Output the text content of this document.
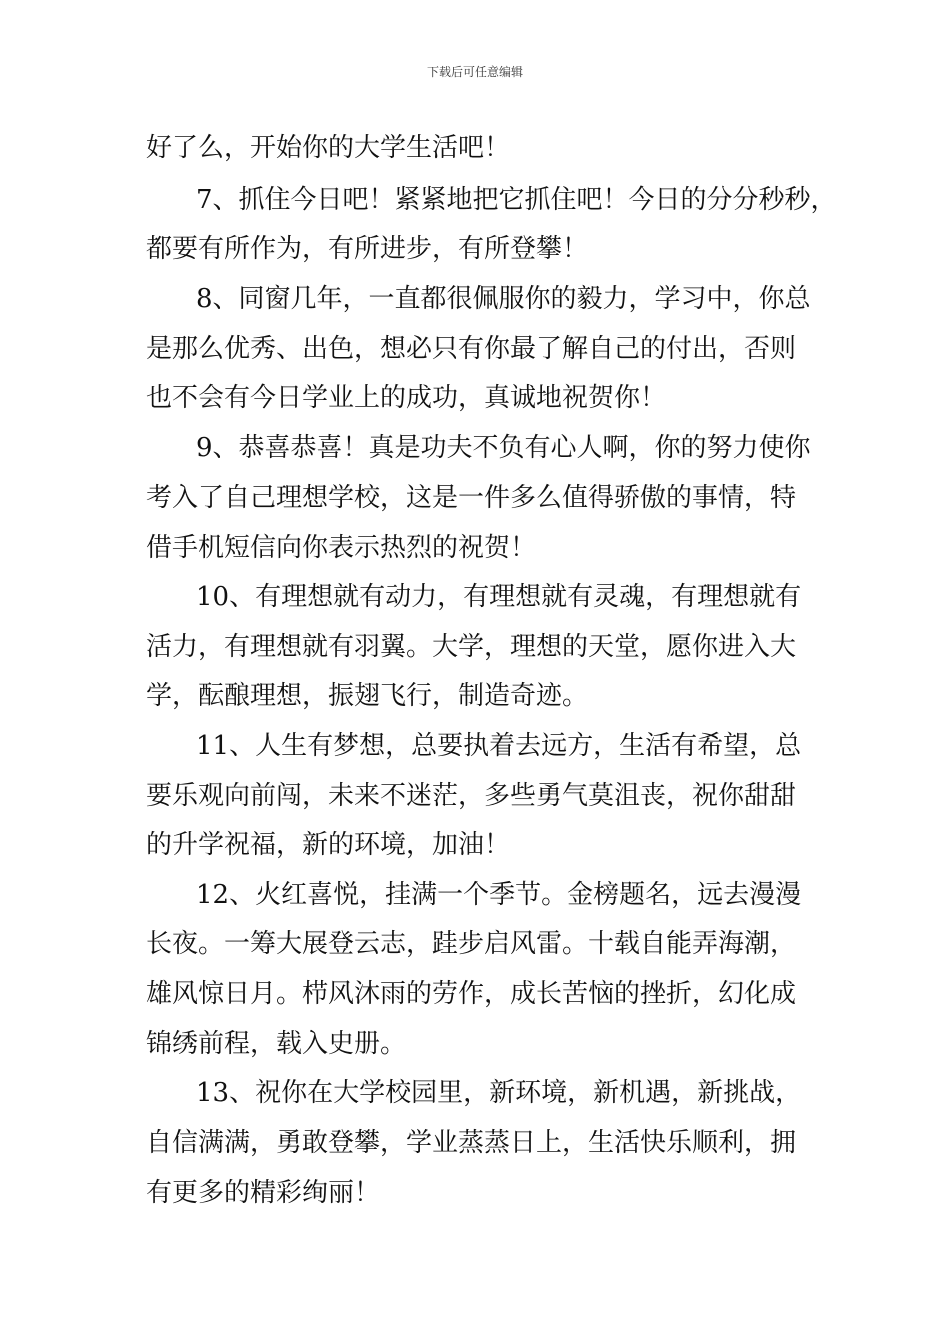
下载后可任意编辑
好了么，开始你的大学生活吧！
7、抓住今日吧！紧紧地把它抓住吧！今日的分分秒秒，
都要有所作为，有所进步，有所登攀！
8、同窗几年，一直都很佩服你的毅力，学习中，你总
是那么优秀、出色，想必只有你最了解自己的付出，否则
也不会有今日学业上的成功，真诚地祝贺你！
9、恭喜恭喜！真是功夫不负有心人啊，你的努力使你
考入了自己理想学校，这是一件多么值得骄傲的事情，特
借手机短信向你表示热烈的祝贺！
10、有理想就有动力，有理想就有灵魂，有理想就有
活力，有理想就有羽翼。大学，理想的天堂，愿你进入大
学，酝酿理想，振翅飞行，制造奇迹。
11、人生有梦想，总要执着去远方，生活有希望，总
要乐观向前闯，未来不迷茫，多些勇气莫沮丧，祝你甜甜
的升学祝福，新的环境，加油！
12、火红喜悦，挂满一个季节。金榜题名，远去漫漫
长夜。一筹大展登云志，跬步启风雷。十载自能弄海潮，
雄风惊日月。栉风沐雨的劳作，成长苦恼的挫折，幻化成
锦绣前程，载入史册。
13、祝你在大学校园里，新环境，新机遇，新挑战，
自信满满，勇敢登攀，学业蒸蒸日上，生活快乐顺利，拥
有更多的精彩绚丽！
